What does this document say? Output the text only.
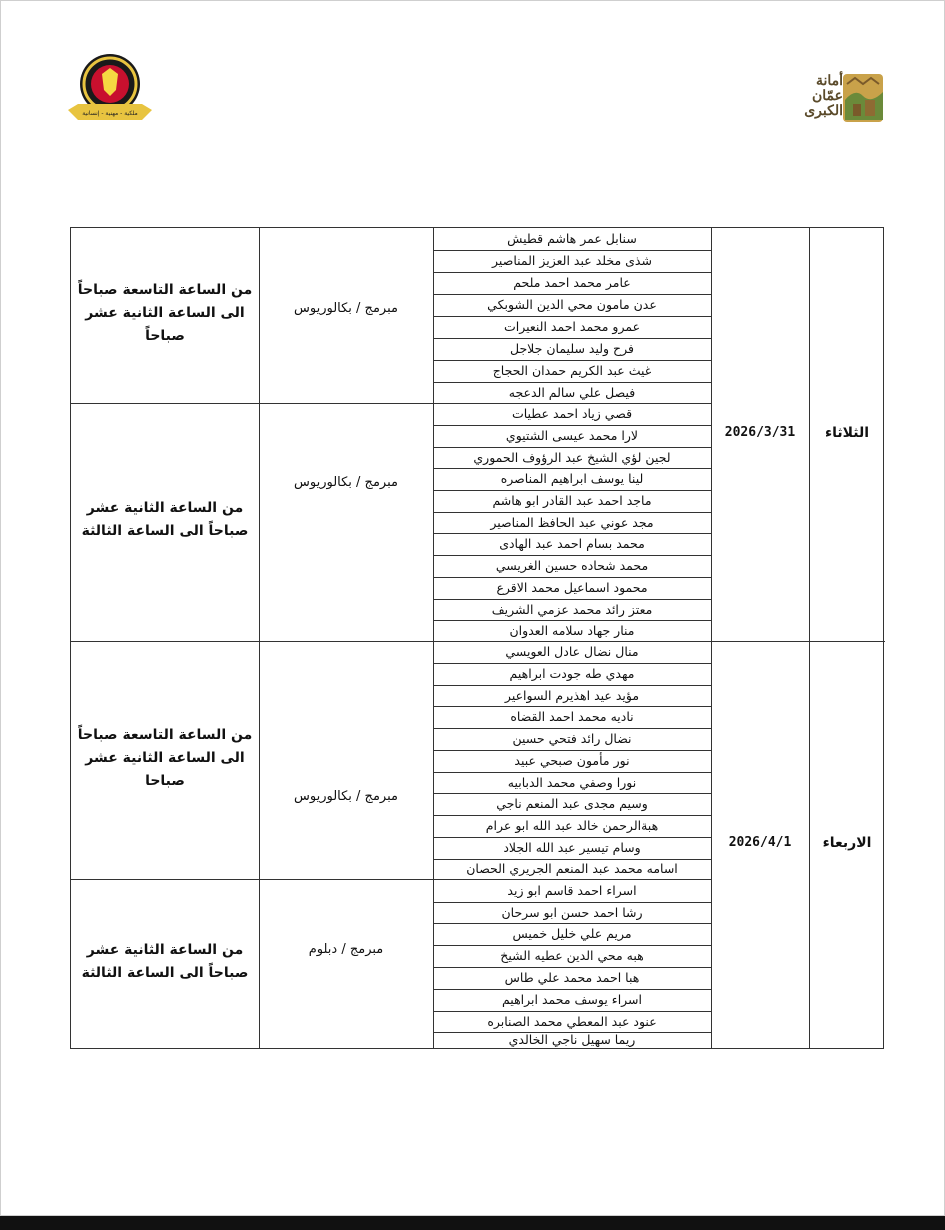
أمانة
عمّان
الكبرى
ملكية - مهنية - إنسانية
سنابل عمر هاشم قطيش
شذى مخلد عبد العزيز المناصير
عامر محمد احمد ملحم
عدن مامون محي الدين الشوبكي
عمرو محمد احمد النعيرات
فرح وليد سليمان جلاجل
غيث عبد الكريم حمدان الحجاج
فيصل علي سالم الدعجه
قصي زياد احمد عطيات
لارا محمد عيسى الشتيوي
لجين لؤي الشيخ عبد الرؤوف الحموري
لينا يوسف ابراهيم المناصره
ماجد احمد عبد القادر ابو هاشم
مجد عوني عبد الحافظ المناصير
محمد بسام احمد عبد الهادى
محمد شحاده حسين الغريسي
محمود اسماعيل محمد الاقرع
معتز رائد محمد عزمي الشريف
منار جهاد سلامه العدوان
منال نضال عادل العويسي
مهدي طه جودت ابراهيم
مؤيد عيد اهذيرم السواعير
ناديه محمد احمد القضاه
نضال رائد فتحي حسين
نور مأمون صبحي عبيد
نورا وصفي محمد الدبابيه
وسيم مجدى عبد المنعم ناجي
هبةالرحمن خالد عبد الله ابو عرام
وسام تيسير عبد الله الجلاد
اسامه محمد عبد المنعم الجريري الحصان
اسراء احمد قاسم ابو زيد
رشا احمد حسن ابو سرحان
مريم علي خليل خميس
هبه محي الدين عطيه الشيخ
هبا احمد محمد علي طاس
اسراء يوسف محمد ابراهيم
عنود عبد المعطي محمد الصنابره
ريما سهيل ناجي الخالدي
مبرمج / بكالوريوس
من الساعة التاسعة صباحاً
الى الساعة الثانية عشر
صباحاً
مبرمج / بكالوريوس
من الساعة الثانية عشر
صباحاً الى الساعة الثالثة
مبرمج / بكالوريوس
من الساعة التاسعة صباحاً
الى الساعة الثانية عشر
صباحا
مبرمج / دبلوم
من الساعة الثانية عشر
صباحاً الى الساعة الثالثة
2026/3/31	الثلاثاء
2026/4/1	الاربعاء
